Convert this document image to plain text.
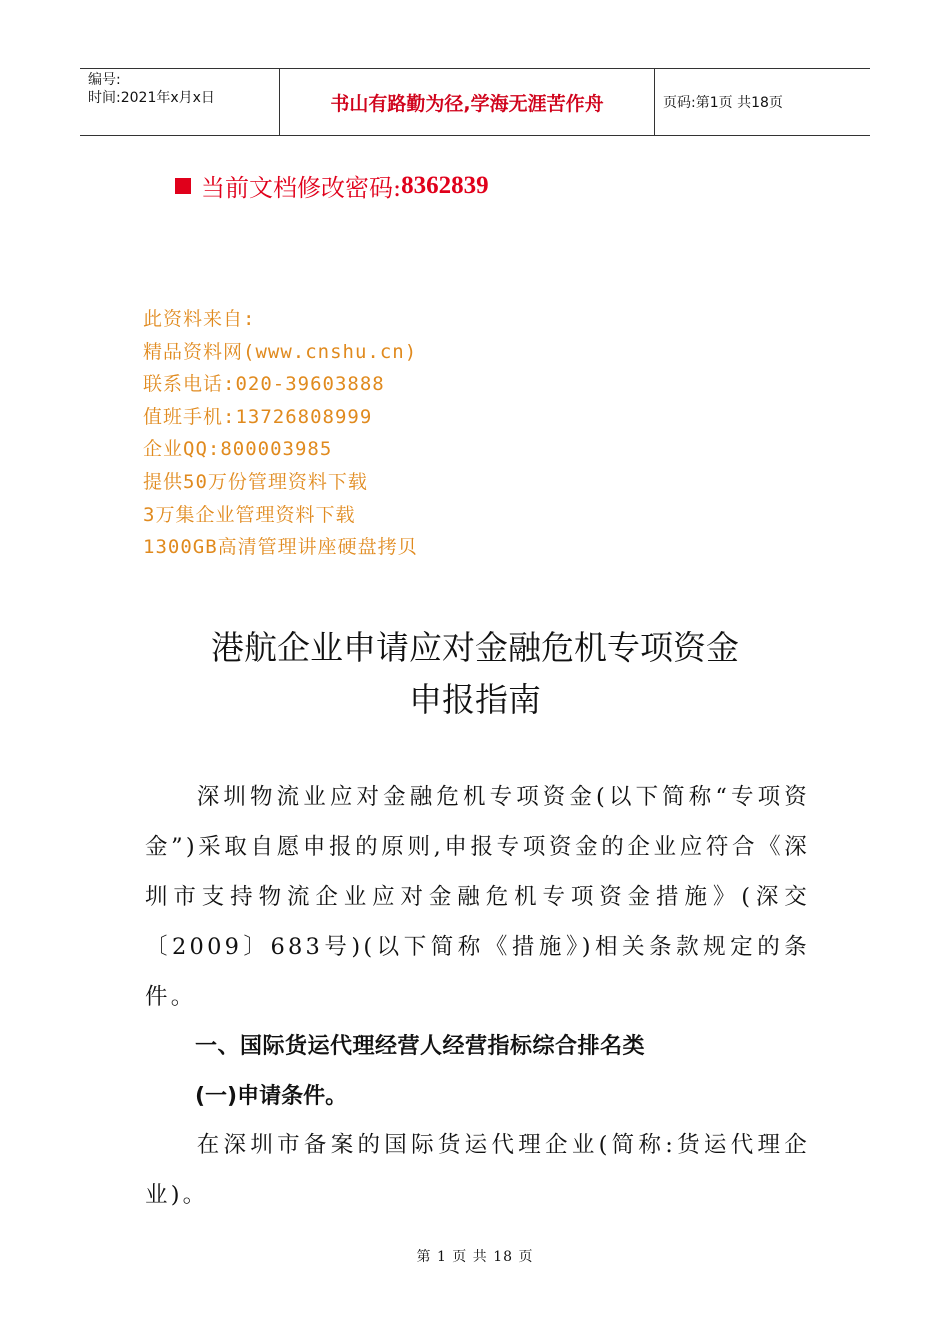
编号:
时间:2021年x月x日	书山有路勤为径,学海无涯苦作舟	页码:第1页 共18页
当前文档修改密码: 8362839
此资料来自:
精品资料网(www.cnshu.cn)
联系电话:020-39603888
值班手机:13726808999
企业QQ:800003985
提供50万份管理资料下载
3万集企业管理资料下载
1300GB高清管理讲座硬盘拷贝
港航企业申请应对金融危机专项资金
申报指南
深圳物流业应对金融危机专项资金(以下简称“专项资金”)采取自愿申报的原则,申报专项资金的企业应符合《深圳市支持物流企业应对金融危机专项资金措施》(深交〔2009〕683号)(以下简称《措施》)相关条款规定的条件。
一、国际货运代理经营人经营指标综合排名类
(一)申请条件。
在深圳市备案的国际货运代理企业(简称:货运代理企业)。
第 1 页 共 18 页
